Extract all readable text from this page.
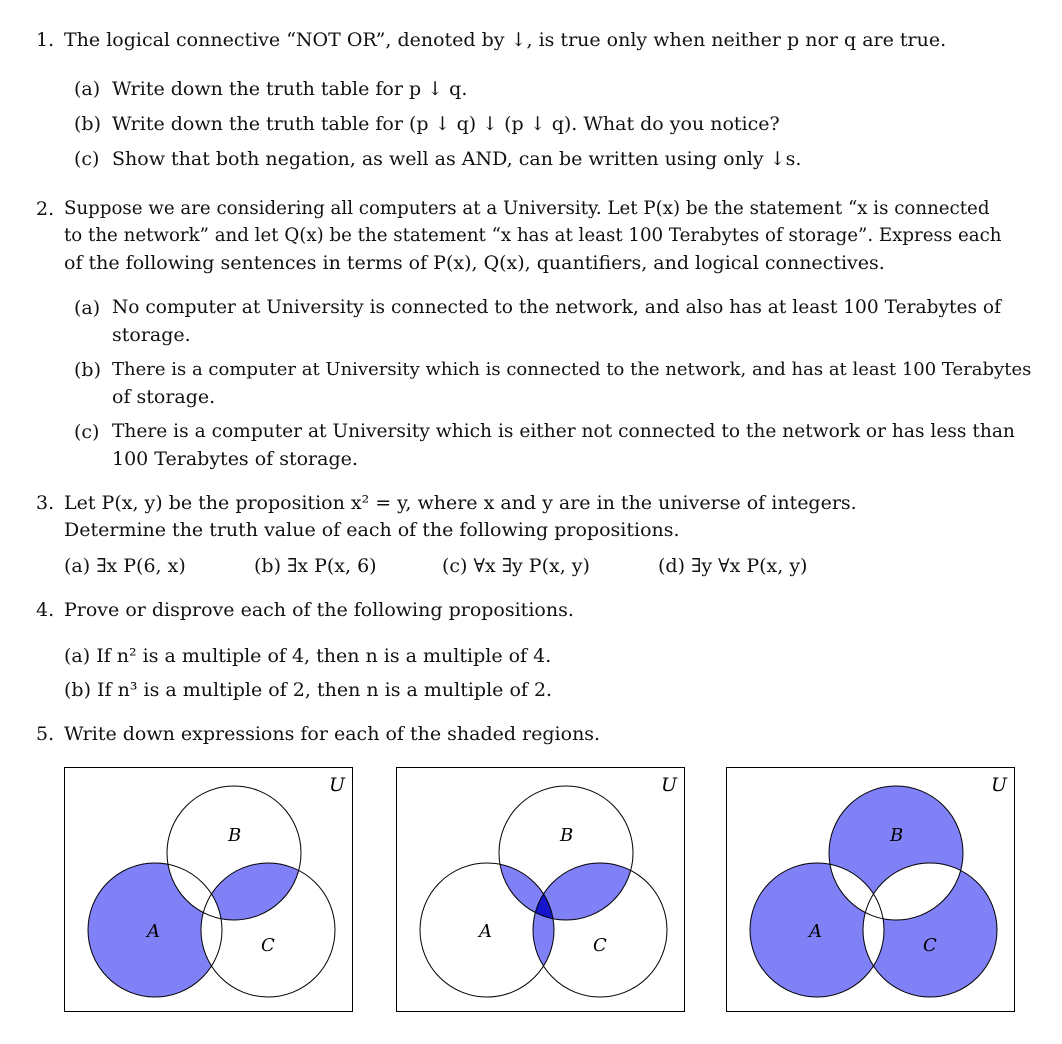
1. The logical connective “NOT OR”, denoted by ↓, is true only when neither p nor q are true.
(a) Write down the truth table for p ↓ q.
(b) Write down the truth table for (p ↓ q) ↓ (p ↓ q). What do you notice?
(c) Show that both negation, as well as AND, can be written using only ↓s.
2. Suppose we are considering all computers at a University. Let P(x) be the statement “x is connected
to the network” and let Q(x) be the statement “x has at least 100 Terabytes of storage”. Express each
of the following sentences in terms of P(x), Q(x), quantifiers, and logical connectives.
(a) No computer at University is connected to the network, and also has at least 100 Terabytes of
storage.
(b) There is a computer at University which is connected to the network, and has at least 100 Terabytes
of storage.
(c) There is a computer at University which is either not connected to the network or has less than
100 Terabytes of storage.
3. Let P(x, y) be the proposition x² = y, where x and y are in the universe of integers.
Determine the truth value of each of the following propositions.
(a) ∃x P(6, x)	(b) ∃x P(x, 6)	(c) ∀x ∃y P(x, y)	(d) ∃y ∀x P(x, y)
4. Prove or disprove each of the following propositions.
(a) If n² is a multiple of 4, then n is a multiple of 4.
(b) If n³ is a multiple of 2, then n is a multiple of 2.
5. Write down expressions for each of the shaded regions.
U
A
B
C
U
A
B
C
U
A
B
C
